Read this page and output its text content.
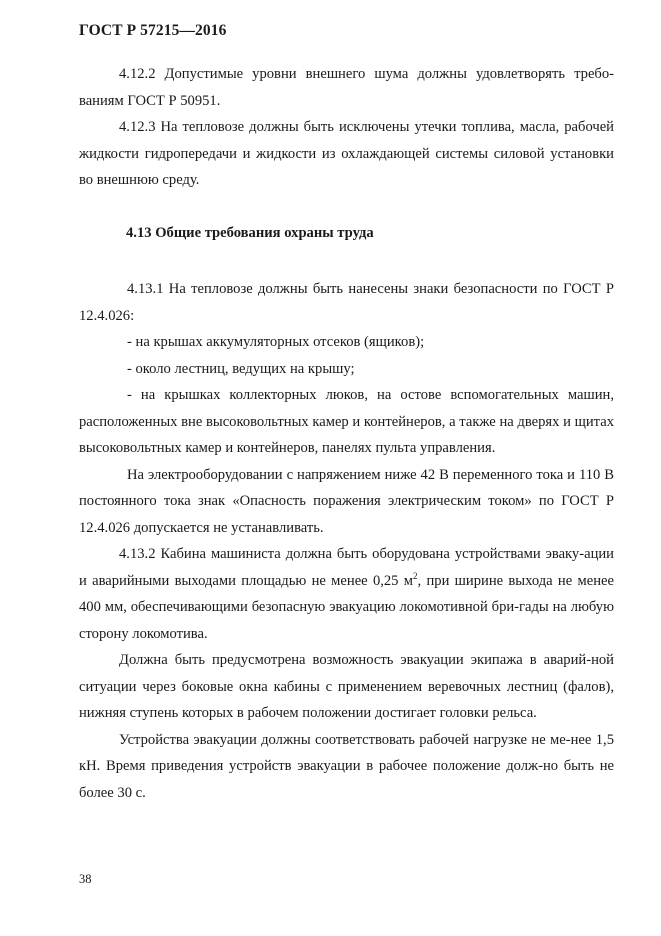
ГОСТ Р 57215—2016

4.12.2 Допустимые уровни внешнего шума должны удовлетворять требо-ваниям ГОСТ Р 50951.

4.12.3 На тепловозе должны быть исключены утечки топлива, масла, рабочей жидкости гидропередачи и жидкости из охлаждающей системы силовой установки во внешнюю среду.

4.13 Общие требования охраны труда

4.13.1 На тепловозе должны быть нанесены знаки безопасности по ГОСТ Р 12.4.026:

- на крышах аккумуляторных отсеков (ящиков);

- около лестниц, ведущих на крышу;

- на крышках коллекторных люков, на остове вспомогательных машин, расположенных вне высоковольтных камер и контейнеров, а также на дверях и щитах высоковольтных камер и контейнеров, панелях пульта управления.

На электрооборудовании с напряжением ниже 42 В переменного тока и 110 В постоянного тока знак «Опасность поражения электрическим током» по ГОСТ Р 12.4.026 допускается не устанавливать.

4.13.2 Кабина машиниста должна быть оборудована устройствами эваку-ации и аварийными выходами площадью не менее 0,25 $м^2$, при ширине выхода не менее 400 мм, обеспечивающими безопасную эвакуацию локомотивной бри-гады на любую сторону локомотива.

Должна быть предусмотрена возможность эвакуации экипажа в аварий-ной ситуации через боковые окна кабины с применением веревочных лестниц (фалов), нижняя ступень которых в рабочем положении достигает головки рельса.

Устройства эвакуации должны соответствовать рабочей нагрузке не ме-нее 1,5 кН. Время приведения устройств эвакуации в рабочее положение долж-но быть не более 30 с.

38
